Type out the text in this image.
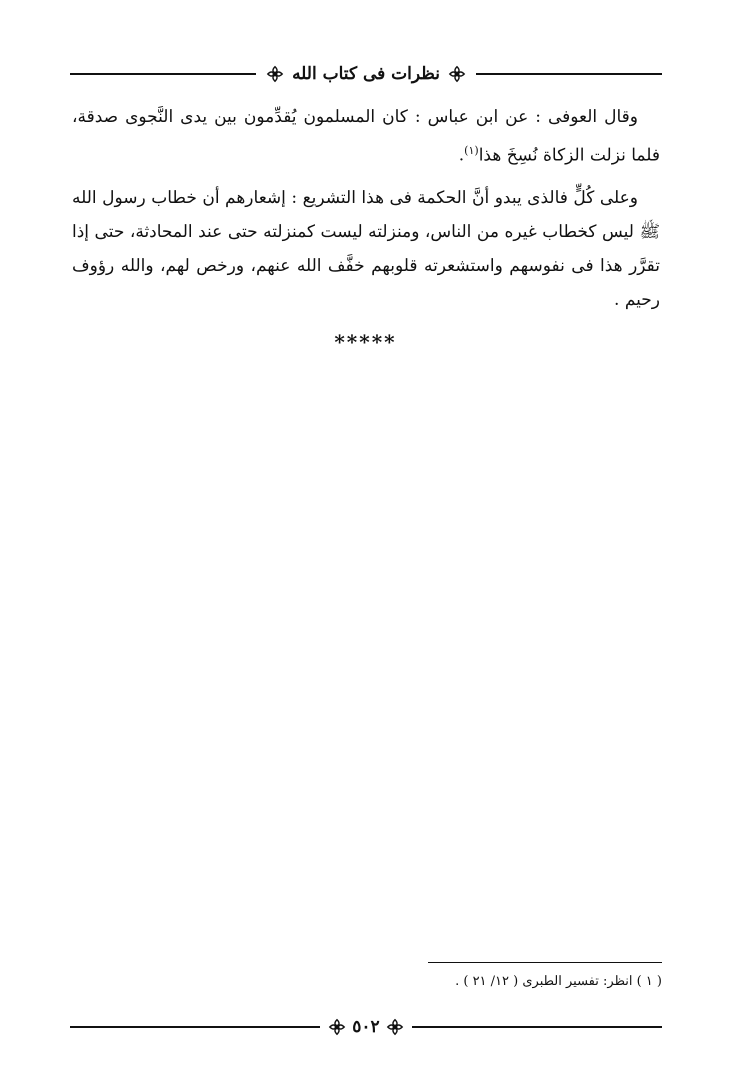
نظرات فى كتاب الله

وقال العوفى : عن ابن عباس : كان المسلمون يُقدِّمون بين يدى النَّجوى صدقة، فلما نزلت الزكاة نُسِخَ هذا$^{(١)}$.

وعلى كُلٍّ فالذى يبدو أنَّ الحكمة فى هذا التشريع : إشعارهم أن خطاب رسول الله ﷺ ليس كخطاب غيره من الناس، ومنزلته ليست كمنزلته حتى عند المحادثة، حتى إذا تقرَّر هذا فى نفوسهم واستشعرته قلوبهم خفَّف الله عنهم، ورخص لهم، والله رؤوف رحيم .

*****
( ١ ) انظر: تفسير الطبرى ( ١٢/ ٢١ ) .
٥٠٢
